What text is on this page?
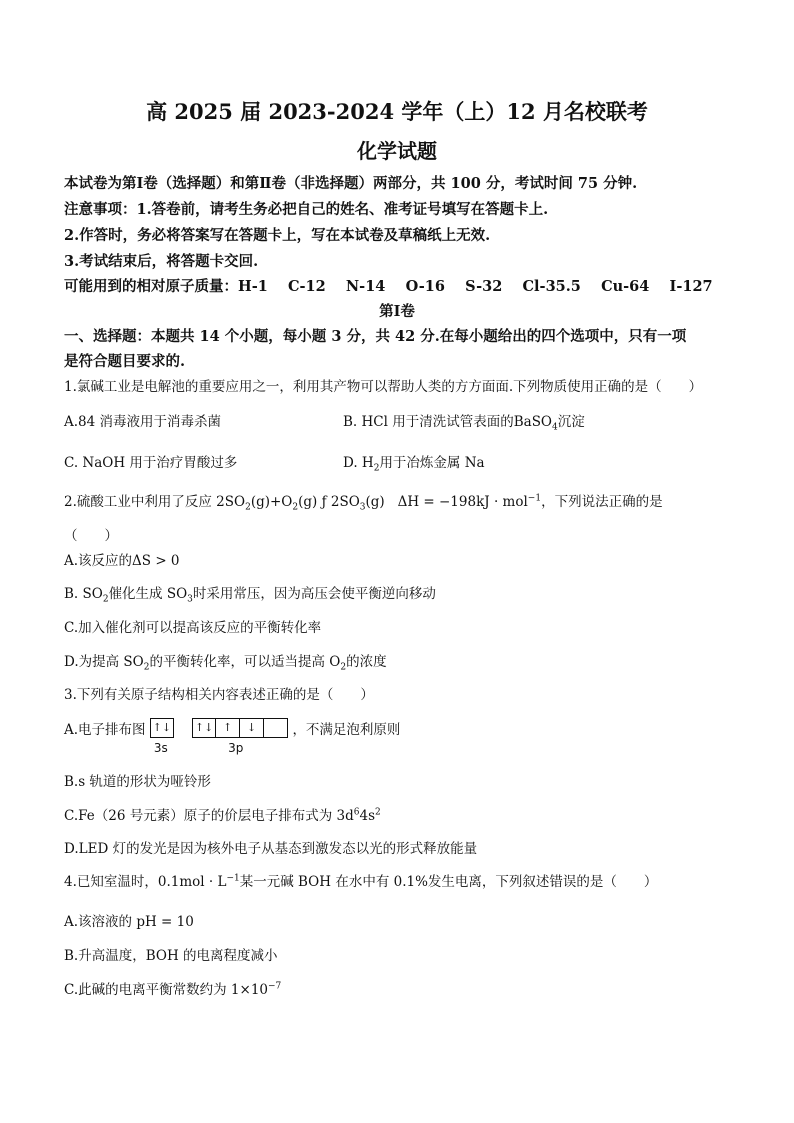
高 2025 届 2023-2024 学年（上）12 月名校联考
化学试题
本试卷为第Ⅰ卷（选择题）和第Ⅱ卷（非选择题）两部分，共 100 分，考试时间 75 分钟.
注意事项：1.答卷前，请考生务必把自己的姓名、准考证号填写在答题卡上.
2.作答时，务必将答案写在答题卡上，写在本试卷及草稿纸上无效.
3.考试结束后，将答题卡交回.
可能用到的相对原子质量：H-1    C-12    N-14    O-16    S-32    Cl-35.5    Cu-64    I-127
第Ⅰ卷
一、选择题：本题共 14 个小题，每小题 3 分，共 42 分.在每小题给出的四个选项中，只有一项
是符合题目要求的.
1.氯碱工业是电解池的重要应用之一，利用其产物可以帮助人类的方方面面.下列物质使用正确的是（　　）
A.84 消毒液用于消毒杀菌	B. HCl 用于清洗试管表面的BaSO$_4$沉淀
C. NaOH 用于治疗胃酸过多	D. $H_2$用于冶炼金属 Na
2.硫酸工业中利用了反应 $2SO_2(g)+O_2(g)$ ƒ $2SO_3(g) \Delta H = -198kJ \cdot mol^{-1}$，下列说法正确的是
（　　）
A.该反应的ΔS > 0
B. $SO_2$催化生成 $SO_3$时采用常压，因为高压会使平衡逆向移动
C.加入催化剂可以提高该反应的平衡转化率
D.为提高 $SO_2$的平衡转化率，可以适当提高 $O_2$的浓度
3.下列有关原子结构相关内容表述正确的是（　　）
A.电子排布图 ↑↓
3s
↑↓ ↑ ↓
3p
，不满足泡利原则
B.s 轨道的形状为哑铃形
C.Fe（26 号元素）原子的价层电子排布式为 $3d^64s^2$
D.LED 灯的发光是因为核外电子从基态到激发态以光的形式释放能量
4.已知室温时，$0.1mol \cdot L^{-1}$某一元碱 BOH 在水中有 0.1%发生电离，下列叙述错误的是（　　）
A.该溶液的 pH = 10
B.升高温度，BOH 的电离程度减小
C.此碱的电离平衡常数约为 $1\times 10^{-7}$
